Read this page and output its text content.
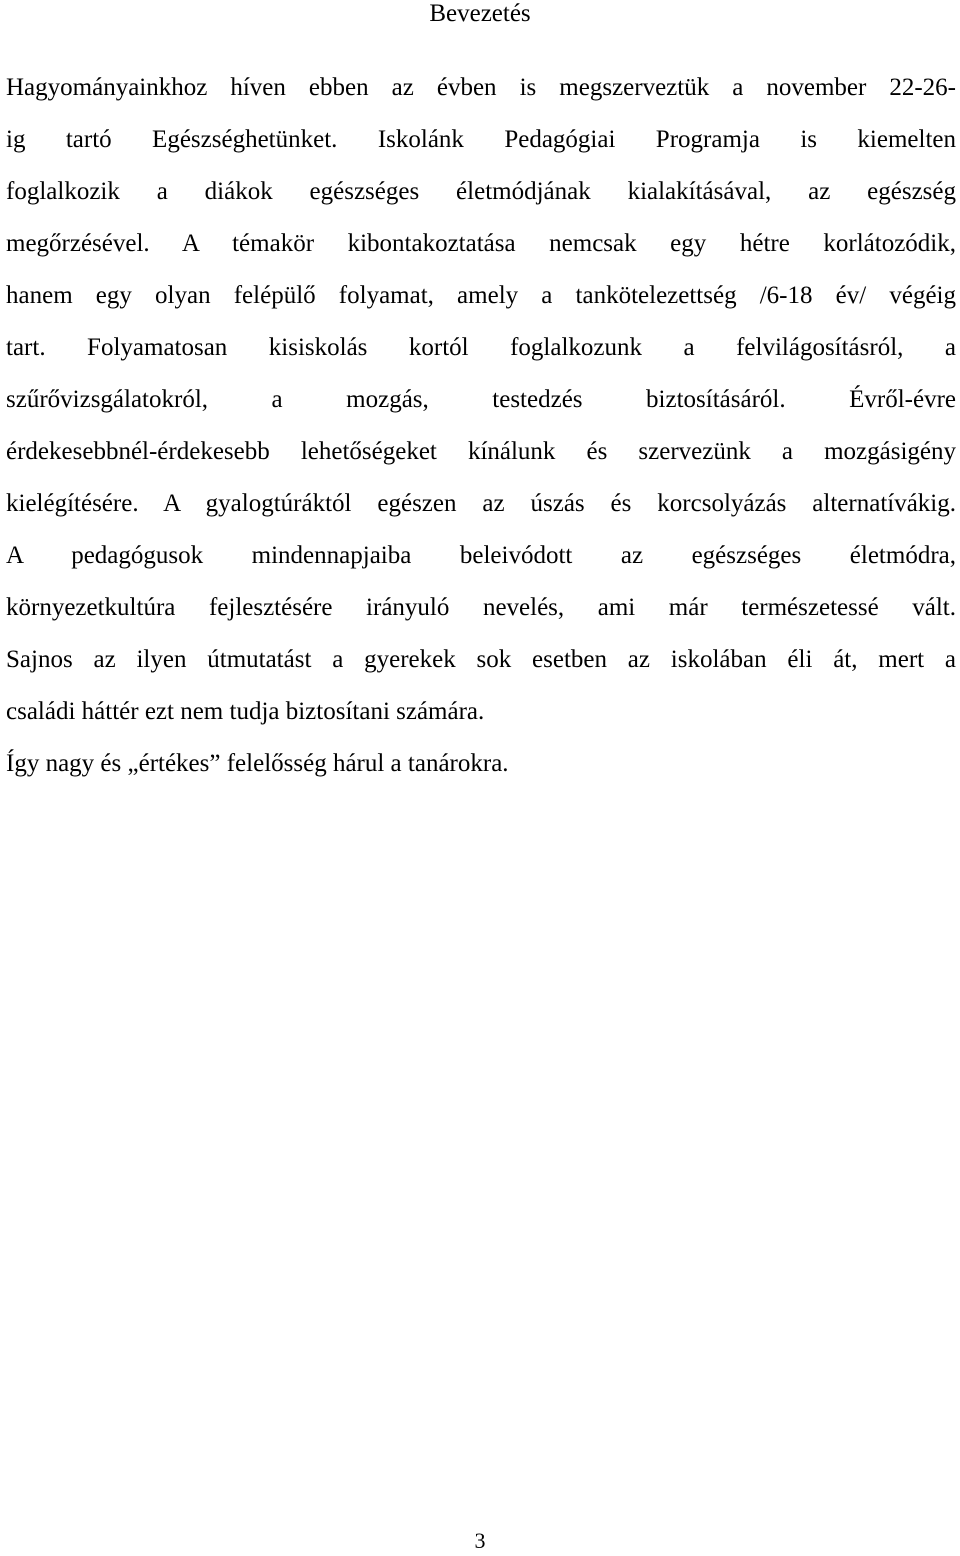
Bevezetés
Hagyományainkhoz híven ebben az évben is megszerveztük a november 22-26-
ig tartó Egészséghetünket. Iskolánk Pedagógiai Programja is kiemelten
foglalkozik a diákok egészséges életmódjának kialakításával, az egészség
megőrzésével. A témakör kibontakoztatása nemcsak egy hétre korlátozódik,
hanem egy olyan felépülő folyamat, amely a tankötelezettség /6-18 év/ végéig
tart. Folyamatosan kisiskolás kortól foglalkozunk a felvilágosításról, a
szűrővizsgálatokról, a mozgás, testedzés biztosításáról. Évről-évre
érdekesebbnél-érdekesebb lehetőségeket kínálunk és szervezünk a mozgásigény
kielégítésére. A gyalogtúráktól egészen az úszás és korcsolyázás alternatívákig.
A pedagógusok mindennapjaiba beleivódott az egészséges életmódra,
környezetkultúra fejlesztésére irányuló nevelés, ami már természetessé vált.
Sajnos az ilyen útmutatást a gyerekek sok esetben az iskolában éli át, mert a
családi háttér ezt nem tudja biztosítani számára.
Így nagy és „értékes” felelősség hárul a tanárokra.
3
